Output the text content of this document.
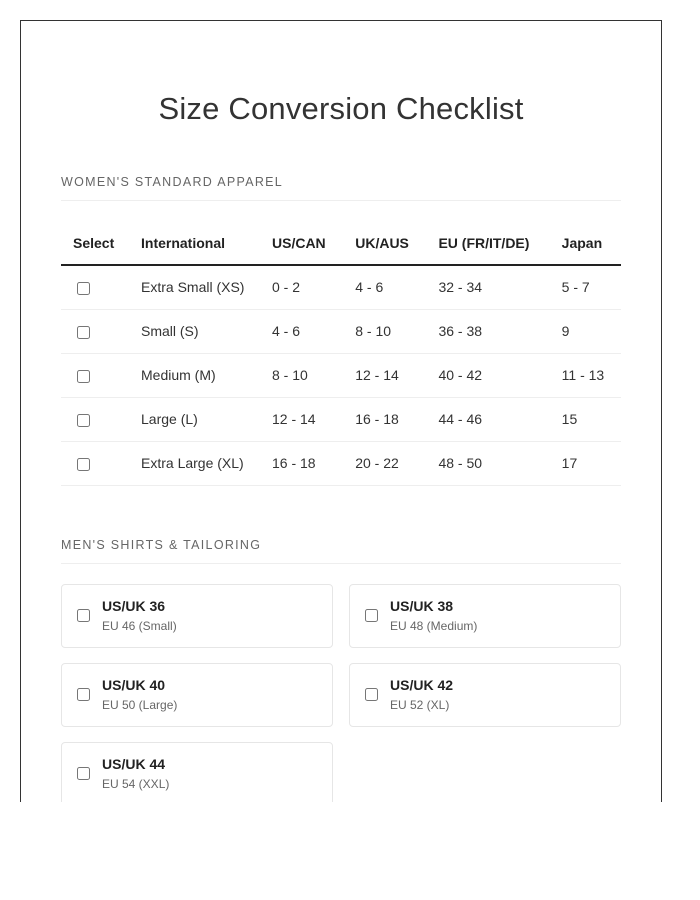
Size Conversion Checklist
WOMEN'S STANDARD APPAREL
Select	International	US/CAN	UK/AUS	EU (FR/IT/DE)	Japan
	Extra Small (XS)	0 - 2	4 - 6	32 - 34	5 - 7
	Small (S)	4 - 6	8 - 10	36 - 38	9
	Medium (M)	8 - 10	12 - 14	40 - 42	11 - 13
	Large (L)	12 - 14	16 - 18	44 - 46	15
	Extra Large (XL)	16 - 18	20 - 22	48 - 50	17
MEN'S SHIRTS & TAILORING
US/UK 36
EU 46 (Small)
US/UK 38
EU 48 (Medium)
US/UK 40
EU 50 (Large)
US/UK 42
EU 52 (XL)
US/UK 44
EU 54 (XXL)
